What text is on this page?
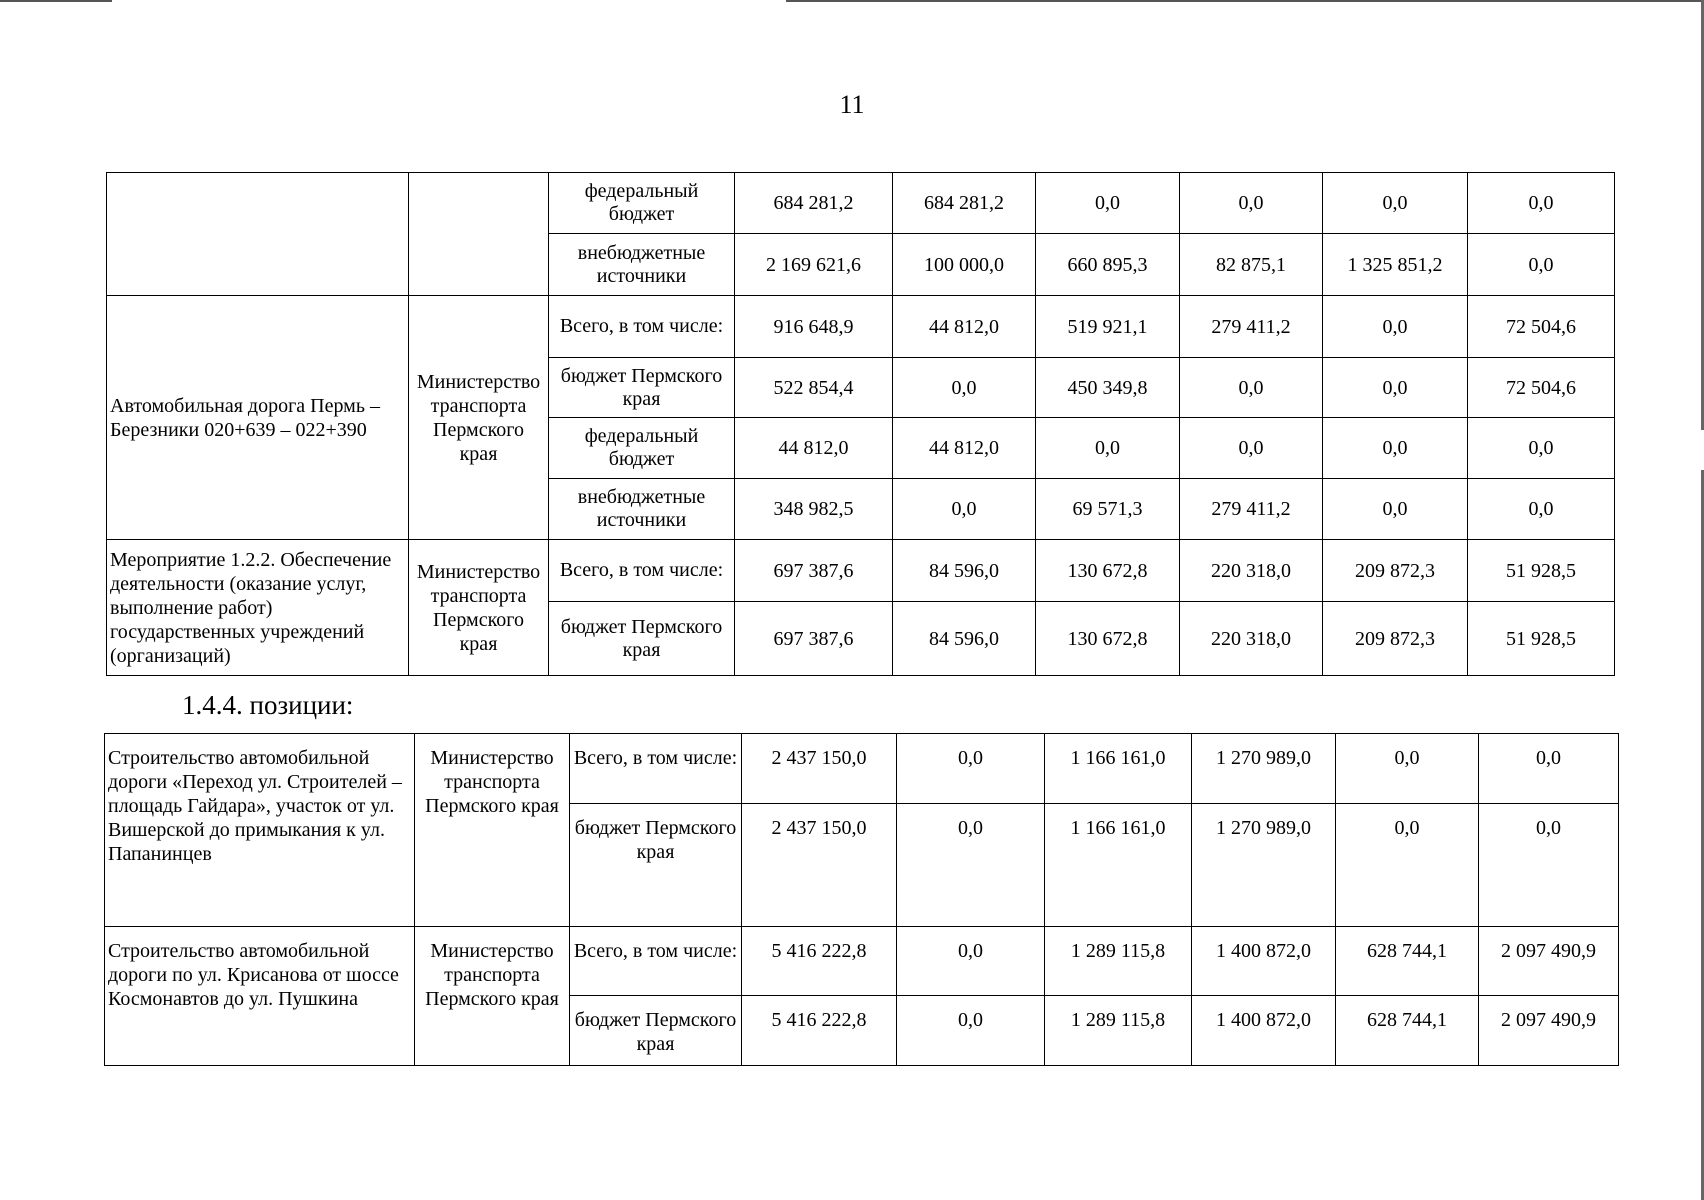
11
		федеральный бюджет	684 281,2	684 281,2	0,0	0,0	0,0	0,0
		внебюджетные источники	2 169 621,6	100 000,0	660 895,3	82 875,1	1 325 851,2	0,0
Автомобильная дорога Пермь – Березники 020+639 – 022+390	Министерство транспорта Пермского края	Всего, в том числе:	916 648,9	44 812,0	519 921,1	279 411,2	0,0	72 504,6
		бюджет Пермского края	522 854,4	0,0	450 349,8	0,0	0,0	72 504,6
		федеральный бюджет	44 812,0	44 812,0	0,0	0,0	0,0	0,0
		внебюджетные источники	348 982,5	0,0	69 571,3	279 411,2	0,0	0,0
Мероприятие 1.2.2. Обеспечение деятельности (оказание услуг, выполнение работ) государственных учреждений (организаций)	Министерство транспорта Пермского края	Всего, в том числе:	697 387,6	84 596,0	130 672,8	220 318,0	209 872,3	51 928,5
		бюджет Пермского края	697 387,6	84 596,0	130 672,8	220 318,0	209 872,3	51 928,5
1.4.4. позиции:
Строительство автомобильной дороги «Переход ул. Строителей – площадь Гайдара», участок от ул. Вишерской до примыкания к ул. Папанинцев	Министерство транспорта Пермского края	Всего, в том числе:	2 437 150,0	0,0	1 166 161,0	1 270 989,0	0,0	0,0
		бюджет Пермского края	2 437 150,0	0,0	1 166 161,0	1 270 989,0	0,0	0,0
Строительство автомобильной дороги по ул. Крисанова от шоссе Космонавтов до ул. Пушкина	Министерство транспорта Пермского края	Всего, в том числе:	5 416 222,8	0,0	1 289 115,8	1 400 872,0	628 744,1	2 097 490,9
		бюджет Пермского края	5 416 222,8	0,0	1 289 115,8	1 400 872,0	628 744,1	2 097 490,9
